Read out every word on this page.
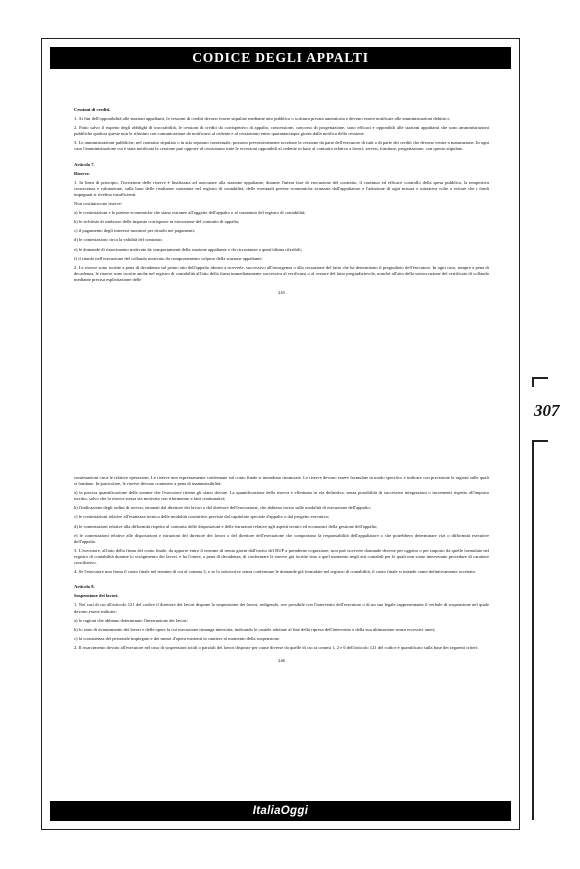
CODICE DEGLI APPALTI

Cessioni di crediti.

1. Ai fini dell'opponibilità alle stazioni appaltanti, le cessioni di crediti devono essere stipulate mediante atto pubblico o scrittura privata autenticata e devono essere notificate alle amministrazioni debitrici.

2. Fatto salvo il rispetto degli obblighi di tracciabilità, le cessioni di crediti da corrispettivo di appalto, concessione, concorso di progettazione, sono efficaci e opponibili alle stazioni appaltanti che sono amministrazioni pubbliche qualora queste non le rifiutino con comunicazione da notificarsi al cedente e al cessionario entro quarantacinque giorni dalla notifica della cessione.

3. Le amministrazioni pubbliche, nel contratto stipulato o in atto separato contestuale, possono preventivamente accettare la cessione da parte dell'esecutore di tutti o di parte dei crediti che devono venire a maturazione. In ogni caso l'amministrazione cui è stata notificata la cessione può opporre al cessionario tutte le eccezioni opponibili al cedente in base al contratto relativo a lavori, servizi, forniture, progettazione, con questo stipulato.

Articolo 7.

Riserve.

1. In linea di principio, l'iscrizione delle riserve è finalizzata ad assicurare alla stazione appaltante, durante l'intera fase di esecuzione del contratto, il continuo ed efficace controllo della spesa pubblica, la tempestiva conoscenza e valutazione, sulla base delle risultanze contenute nel registro di contabilità, delle eventuali pretese economiche avanzate dall'appaltatore e l'adozione di ogni misura e iniziativa volte a evitare che i fondi impegnati si rivelino insufficienti.

Non costituiscono riserve:

a) le contestazioni e le pretese economiche che siano estranee all'oggetto dell'appalto o al contenuto del registro di contabilità;

b) le richieste di rimborso delle imposte corrisposte in esecuzione del contratto di appalto;

c) il pagamento degli interessi moratori per ritardo nei pagamenti;

d) le contestazioni circa la validità del contratto;

e) le domande di risarcimento motivate da comportamenti della stazione appaltante o da circostanze a quest'ultima riferibili;

f) il ritardo nell'esecuzione del collaudo motivato da comportamento colposo della stazione appaltante.

2. Le riserve sono iscritte a pena di decadenza sul primo atto dell'appalto idoneo a riceverle, successivo all'insorgenza o alla cessazione del fatto che ha determinato il pregiudizio dell'esecutore. In ogni caso, sempre a pena di decadenza, le riserve sono iscritte anche nel registro di contabilità all'atto della firma immediatamente successiva al verificarsi o al cessare del fatto pregiudizievole, nonché all'atto della sottoscrizione del certificato di collaudo mediante precisa esplicitazione delle

245

contestazioni circa le relative operazioni. Le riserve non espressamente confermate sul conto finale si intendono rinunciate. Le riserve devono essere formulate in modo specifico e indicare con precisione le ragioni sulle quali si fondano. In particolare, le riserve devono contenere a pena di inammissibilità:

a) la precisa quantificazione delle somme che l'esecutore ritiene gli siano dovute. La quantificazione della riserva è effettuata in via definitiva, senza possibilità di successive integrazioni o incrementi rispetto all'importo iscritto, salvo che la riserva stessa sia motivata con riferimento a fatti continuativi;

b) l'indicazione degli ordini di servizi, emanati dal direttore dei lavori o dal direttore dell'esecuzione, che abbiano inciso sulle modalità di esecuzione dell'appalto;

c) le contestazioni relative all'esattezza tecnica delle modalità costruttive previste dal capitolato speciale d'appalto o dal progetto esecutivo;

d) le contestazioni relative alla difformità rispetto al contratto delle disposizioni e delle istruzioni relative agli aspetti tecnici ed economici della gestione dell'appalto;

e) le contestazioni relative alle disposizioni e istruzioni del direttore dei lavori o del direttore dell'esecuzione che comportano la responsabilità dell'appaltatore o che potrebbero determinare vizi o difformità esecutive dell'appalto.

3. L'esecutore, all'atto della firma del conto finale, da apporre entro il termine di trenta giorni dall'invito del RUP a prenderne cognizione, non può iscrivere domande diverse per oggetto o per importo da quelle formulate nel registro di contabilità durante lo svolgimento dei lavori, e ha l'onere, a pena di decadenza, di confermare le riserve già iscritte sino a quel momento negli atti contabili per le quali non siano intervenute procedure di carattere conciliativo.

4. Se l'esecutore non firma il conto finale nel termine di cui al comma 3, o se lo sottoscrive senza confermare le domande già formulate nel registro di contabilità, il conto finale si intende come definitivamente accettato.

Articolo 8.

Sospensione dei lavori.

1. Nei casi di cui all'articolo 121 del codice il direttore dei lavori dispone la sospensione dei lavori, redigendo, ove possibile con l'intervento dell'esecutore o di un suo legale rappresentante il verbale di sospensione nel quale devono essere indicate:

a) le ragioni che abbiano determinato l'interruzione dei lavori;

b) lo stato di avanzamento dei lavori e delle opere la cui esecuzione rimanga interrotta, indicando le cautele adottate al fine della ripresa dell'intervento e della sua ultimazione senza eccessivi oneri;

c) la consistenza del personale impiegato e dei mezzi d'opera esistenti in cantiere al momento della sospensione.

2. Il risarcimento dovuto all'esecutore nel caso di sospensioni totali o parziali dei lavori disposte per cause diverse da quelle di cui ai commi 1, 2 e 6 dell'articolo 121 del codice è quantificato sulla base dei seguenti criteri:

246
ItaliaOggi
307
